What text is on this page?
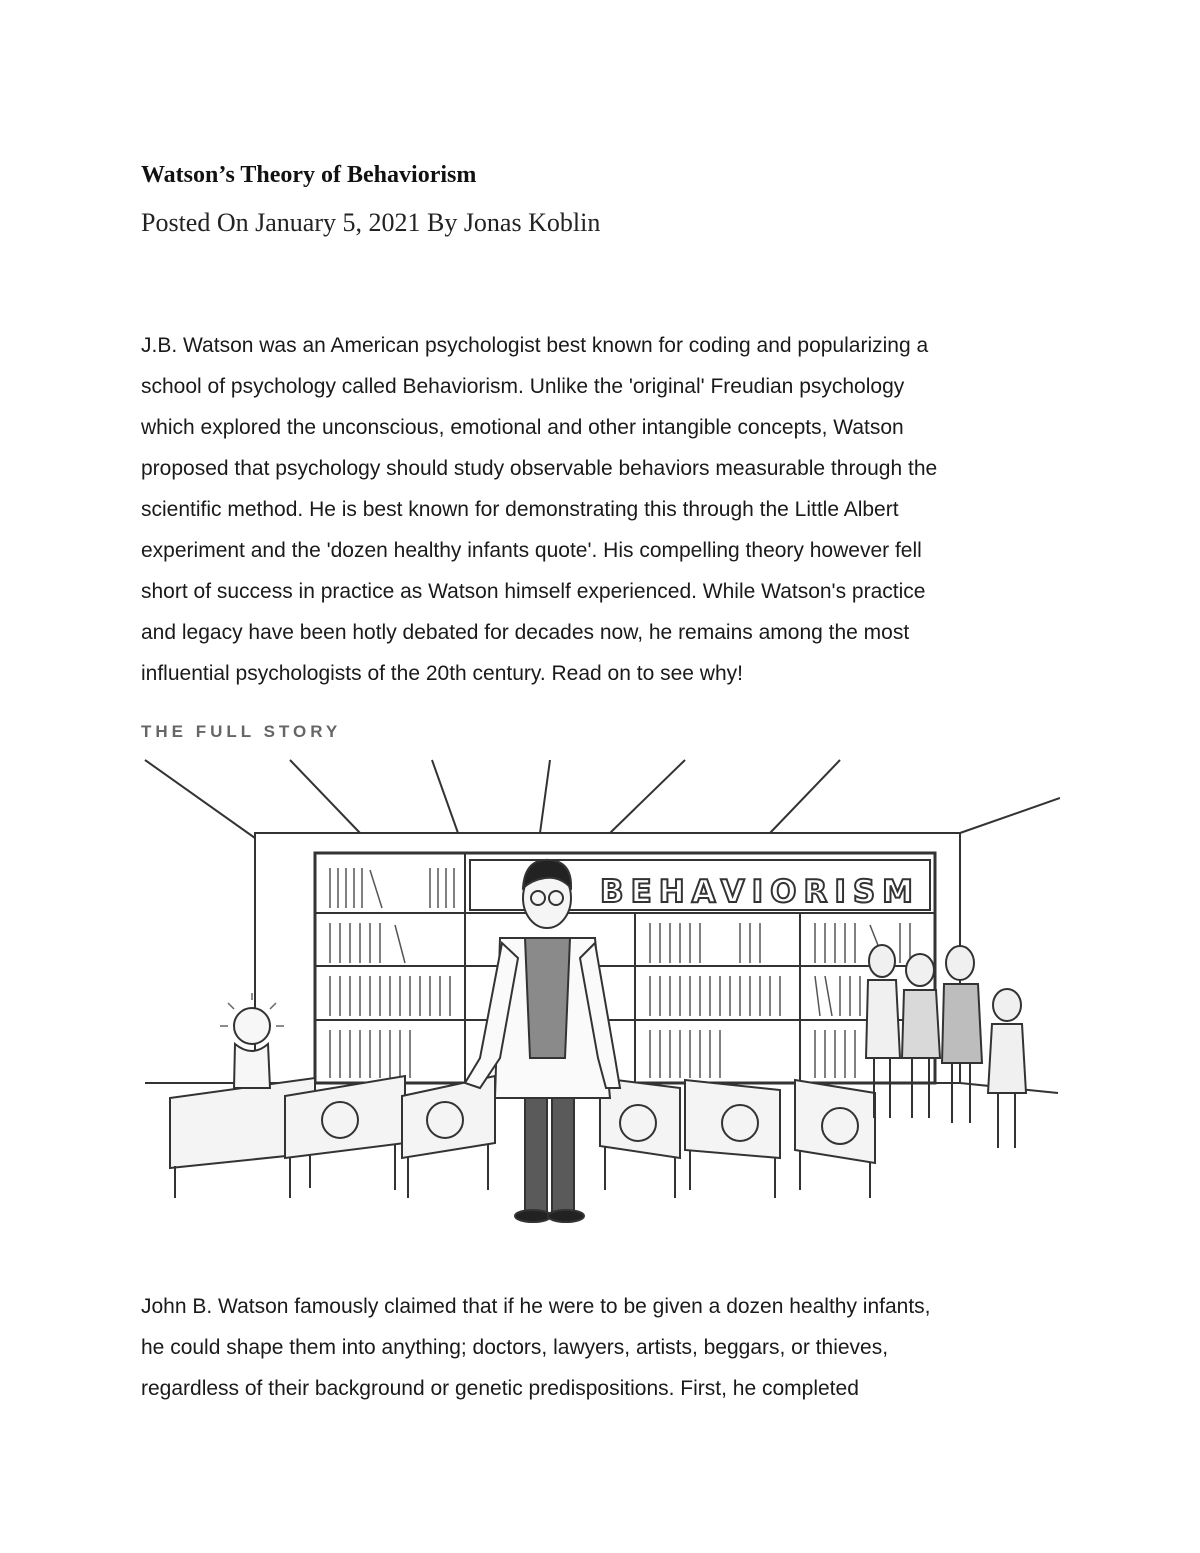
Watson’s Theory of Behaviorism
Posted On January 5, 2021 By Jonas Koblin
J.B. Watson was an American psychologist best known for coding and popularizing a
school of psychology called Behaviorism. Unlike the 'original' Freudian psychology
which explored the unconscious, emotional and other intangible concepts, Watson
proposed that psychology should study observable behaviors measurable through the
scientific method. He is best known for demonstrating this through the Little Albert
experiment and the 'dozen healthy infants quote'. His compelling theory however fell
short of success in practice as Watson himself experienced. While Watson's practice
and legacy have been hotly debated for decades now, he remains among the most
influential psychologists of the 20th century. Read on to see why!
THE FULL STORY
BEHAVIORISM
John B. Watson famously claimed that if he were to be given a dozen healthy infants,
he could shape them into anything; doctors, lawyers, artists, beggars, or thieves,
regardless of their background or genetic predispositions. First, he completed
